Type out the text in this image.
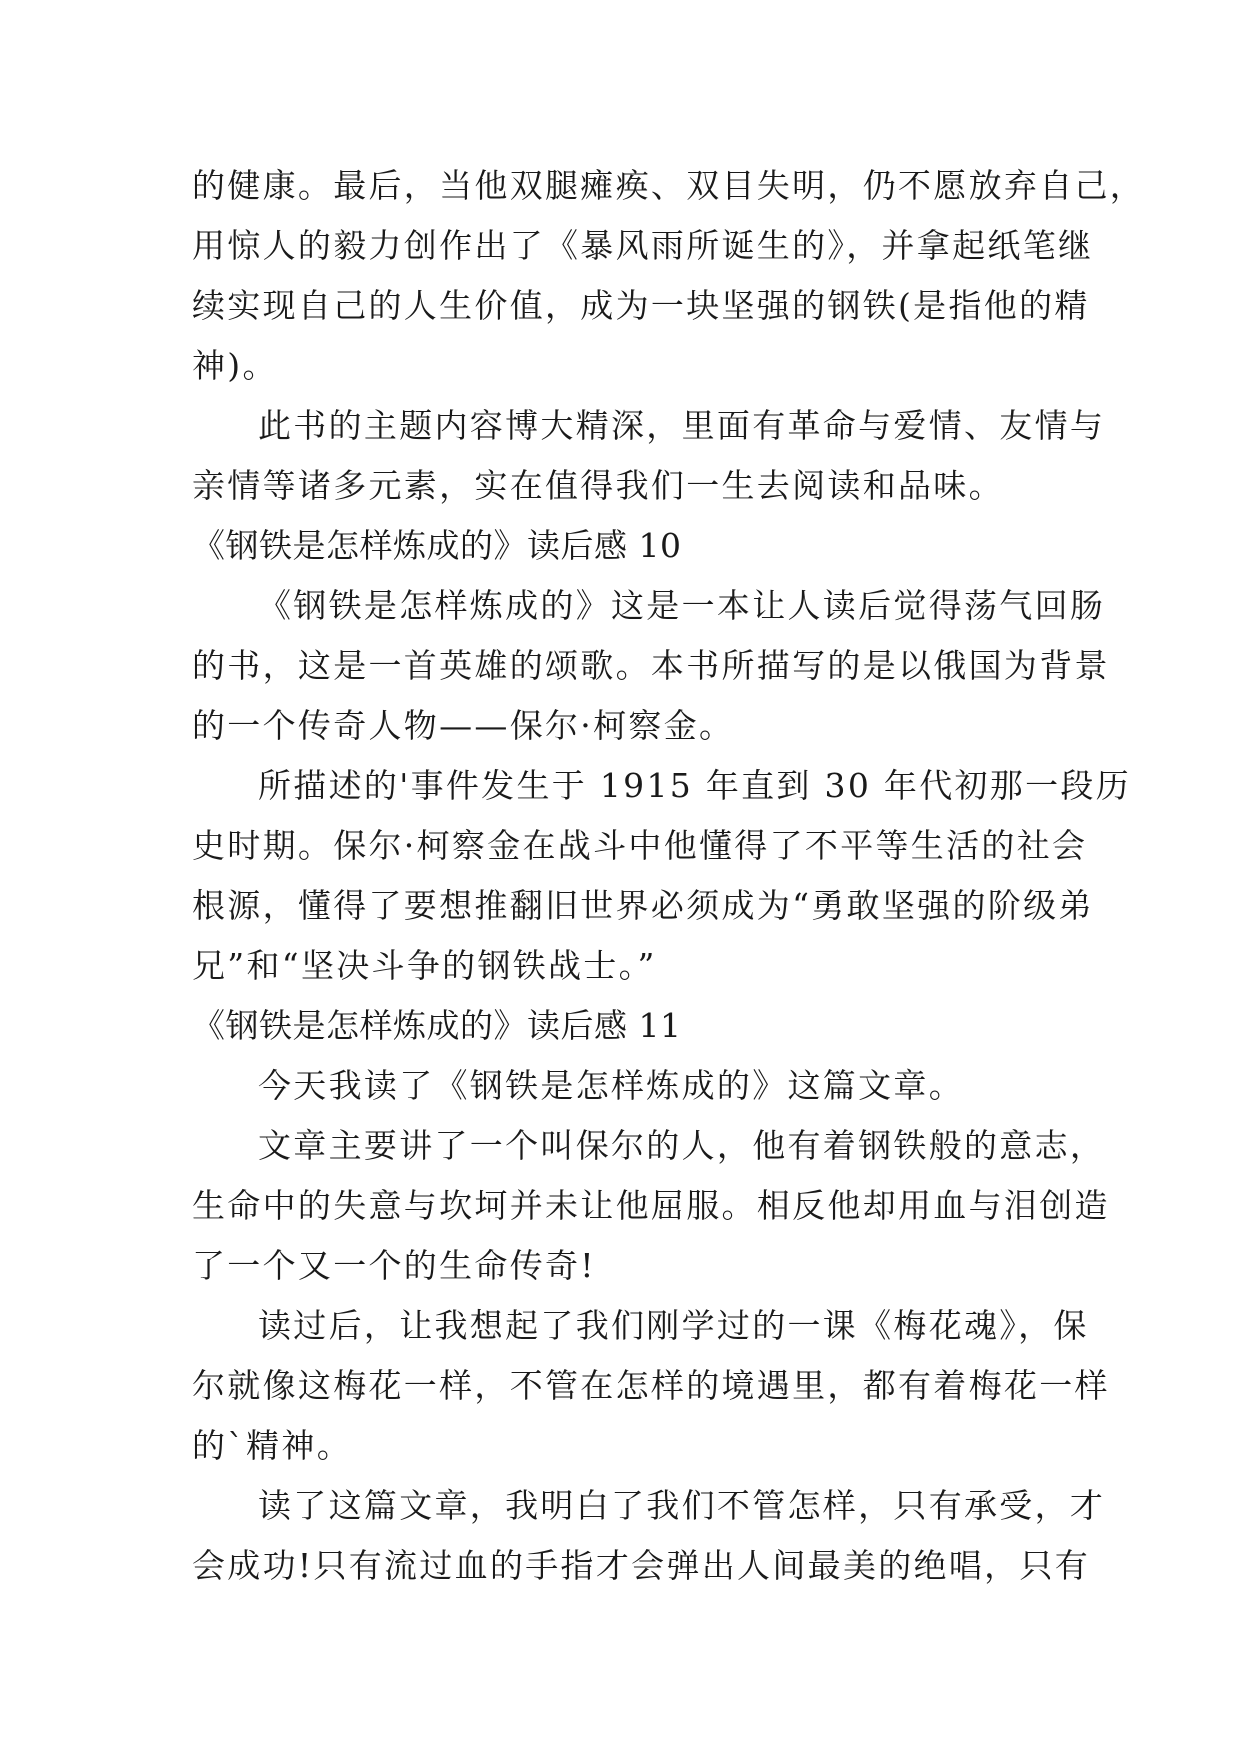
的健康。最后，当他双腿瘫痪、双目失明，仍不愿放弃自己，
用惊人的毅力创作出了《暴风雨所诞生的》，并拿起纸笔继
续实现自己的人生价值，成为一块坚强的钢铁(是指他的精
神)。
此书的主题内容博大精深，里面有革命与爱情、友情与
亲情等诸多元素，实在值得我们一生去阅读和品味。
《钢铁是怎样炼成的》读后感 10
《钢铁是怎样炼成的》这是一本让人读后觉得荡气回肠
的书，这是一首英雄的颂歌。本书所描写的是以俄国为背景
的一个传奇人物——保尔·柯察金。
所描述的'事件发生于 1915 年直到 30 年代初那一段历
史时期。保尔·柯察金在战斗中他懂得了不平等生活的社会
根源，懂得了要想推翻旧世界必须成为“勇敢坚强的阶级弟
兄”和“坚决斗争的钢铁战士。”
《钢铁是怎样炼成的》读后感 11
今天我读了《钢铁是怎样炼成的》这篇文章。
文章主要讲了一个叫保尔的人，他有着钢铁般的意志，
生命中的失意与坎坷并未让他屈服。相反他却用血与泪创造
了一个又一个的生命传奇!
读过后，让我想起了我们刚学过的一课《梅花魂》，保
尔就像这梅花一样，不管在怎样的境遇里，都有着梅花一样
的`精神。
读了这篇文章，我明白了我们不管怎样，只有承受，才
会成功!只有流过血的手指才会弹出人间最美的绝唱，只有
